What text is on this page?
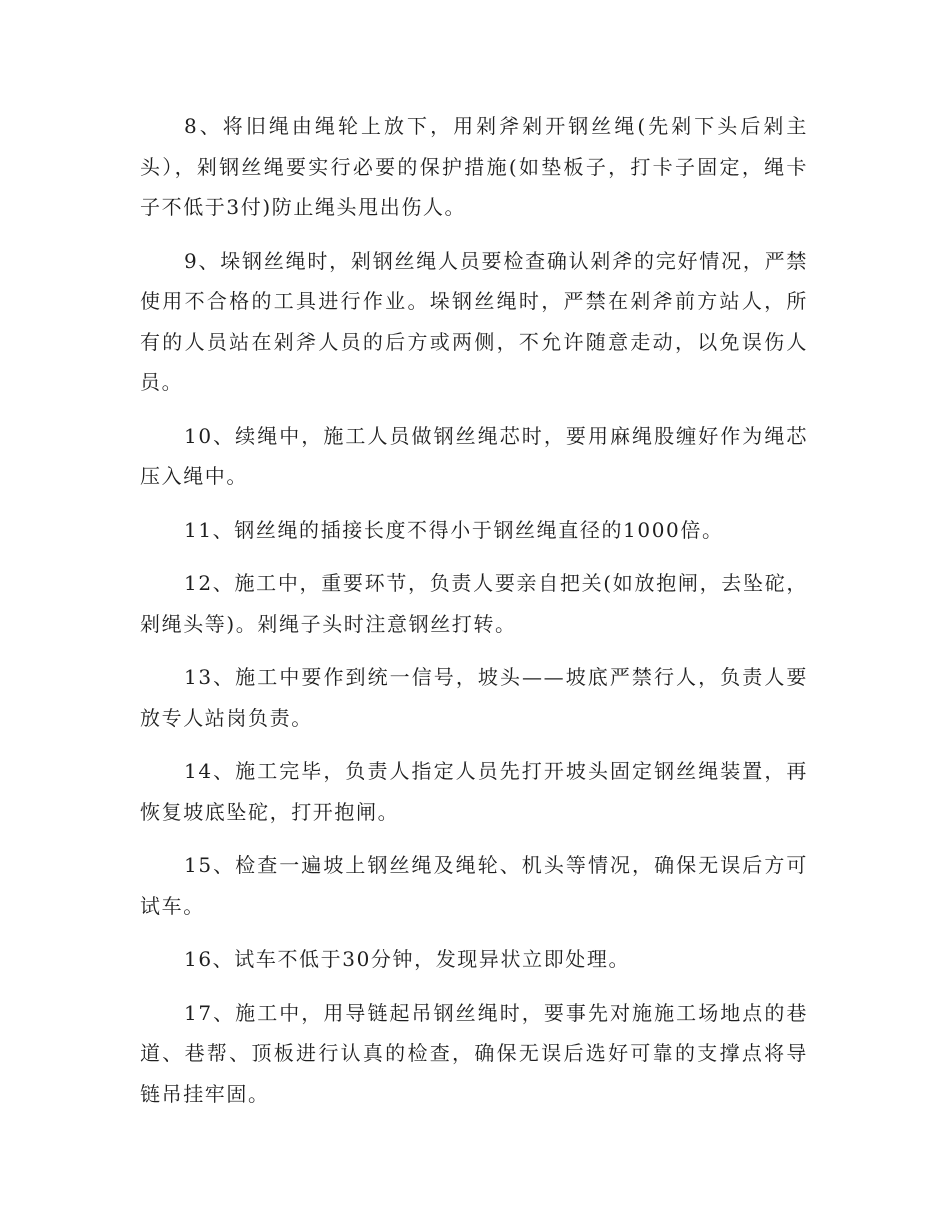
8、将旧绳由绳轮上放下，用剁斧剁开钢丝绳(先剁下头后剁主头），剁钢丝绳要实行必要的保护措施(如垫板子，打卡子固定，绳卡子不低于3付)防止绳头甩出伤人。

9、垛钢丝绳时，剁钢丝绳人员要检查确认剁斧的完好情况，严禁使用不合格的工具进行作业。垛钢丝绳时，严禁在剁斧前方站人，所有的人员站在剁斧人员的后方或两侧，不允许随意走动，以免误伤人员。

10、续绳中，施工人员做钢丝绳芯时，要用麻绳股缠好作为绳芯压入绳中。

11、钢丝绳的插接长度不得小于钢丝绳直径的1000倍。

12、施工中，重要环节，负责人要亲自把关(如放抱闸，去坠砣，剁绳头等)。剁绳子头时注意钢丝打转。

13、施工中要作到统一信号，坡头——坡底严禁行人，负责人要放专人站岗负责。

14、施工完毕，负责人指定人员先打开坡头固定钢丝绳装置，再恢复坡底坠砣，打开抱闸。

15、检查一遍坡上钢丝绳及绳轮、机头等情况，确保无误后方可试车。

16、试车不低于30分钟，发现异状立即处理。

17、施工中，用导链起吊钢丝绳时，要事先对施施工场地点的巷道、巷帮、顶板进行认真的检查，确保无误后选好可靠的支撑点将导链吊挂牢固。
